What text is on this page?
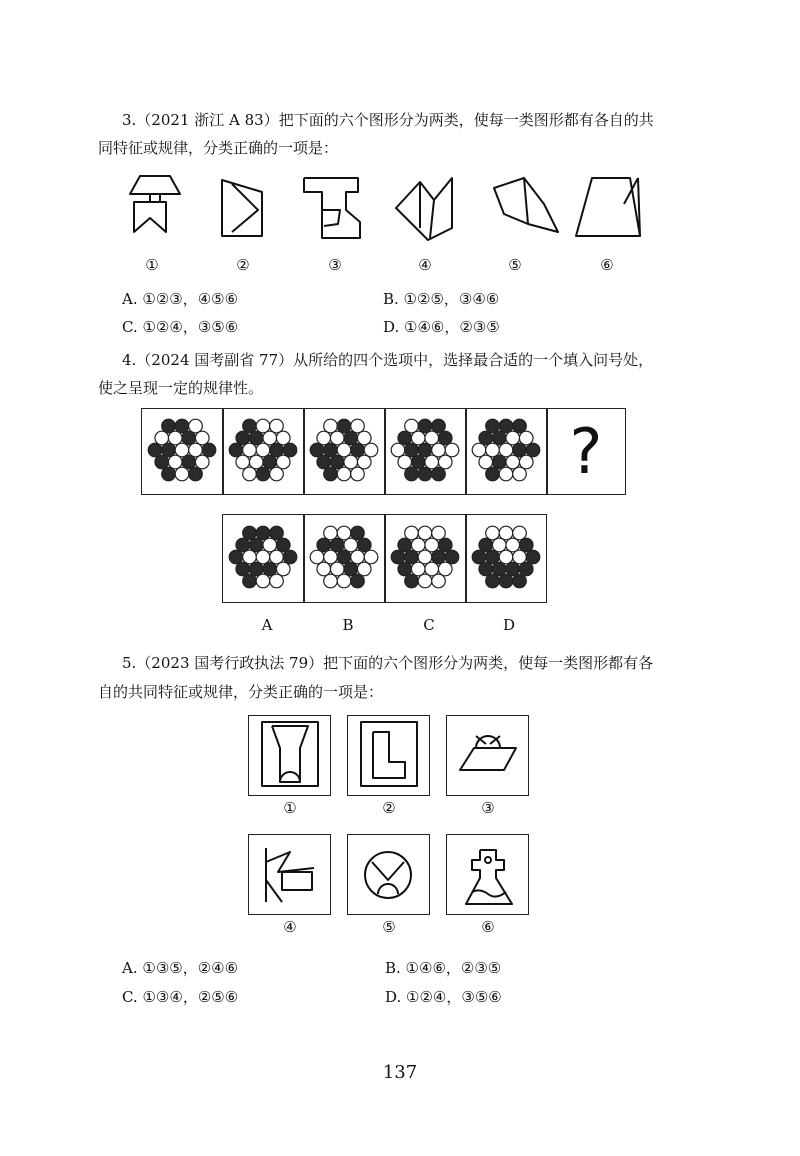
3.（2021 浙江 A 83）把下面的六个图形分为两类，使每一类图形都有各自的共
同特征或规律，分类正确的一项是：
①	②	③	④	⑤	⑥
A. ①②③，④⑤⑥	B. ①②⑤，③④⑥
C. ①②④，③⑤⑥	D. ①④⑥，②③⑤
4.（2024 国考副省 77）从所给的四个选项中，选择最合适的一个填入问号处，
使之呈现一定的规律性。
?
A	B	C	D
5.（2023 国考行政执法 79）把下面的六个图形分为两类，使每一类图形都有各
自的共同特征或规律，分类正确的一项是：
①	②	③
④	⑤	⑥
A. ①③⑤，②④⑥	B. ①④⑥，②③⑤
C. ①③④，②⑤⑥	D. ①②④，③⑤⑥
137
